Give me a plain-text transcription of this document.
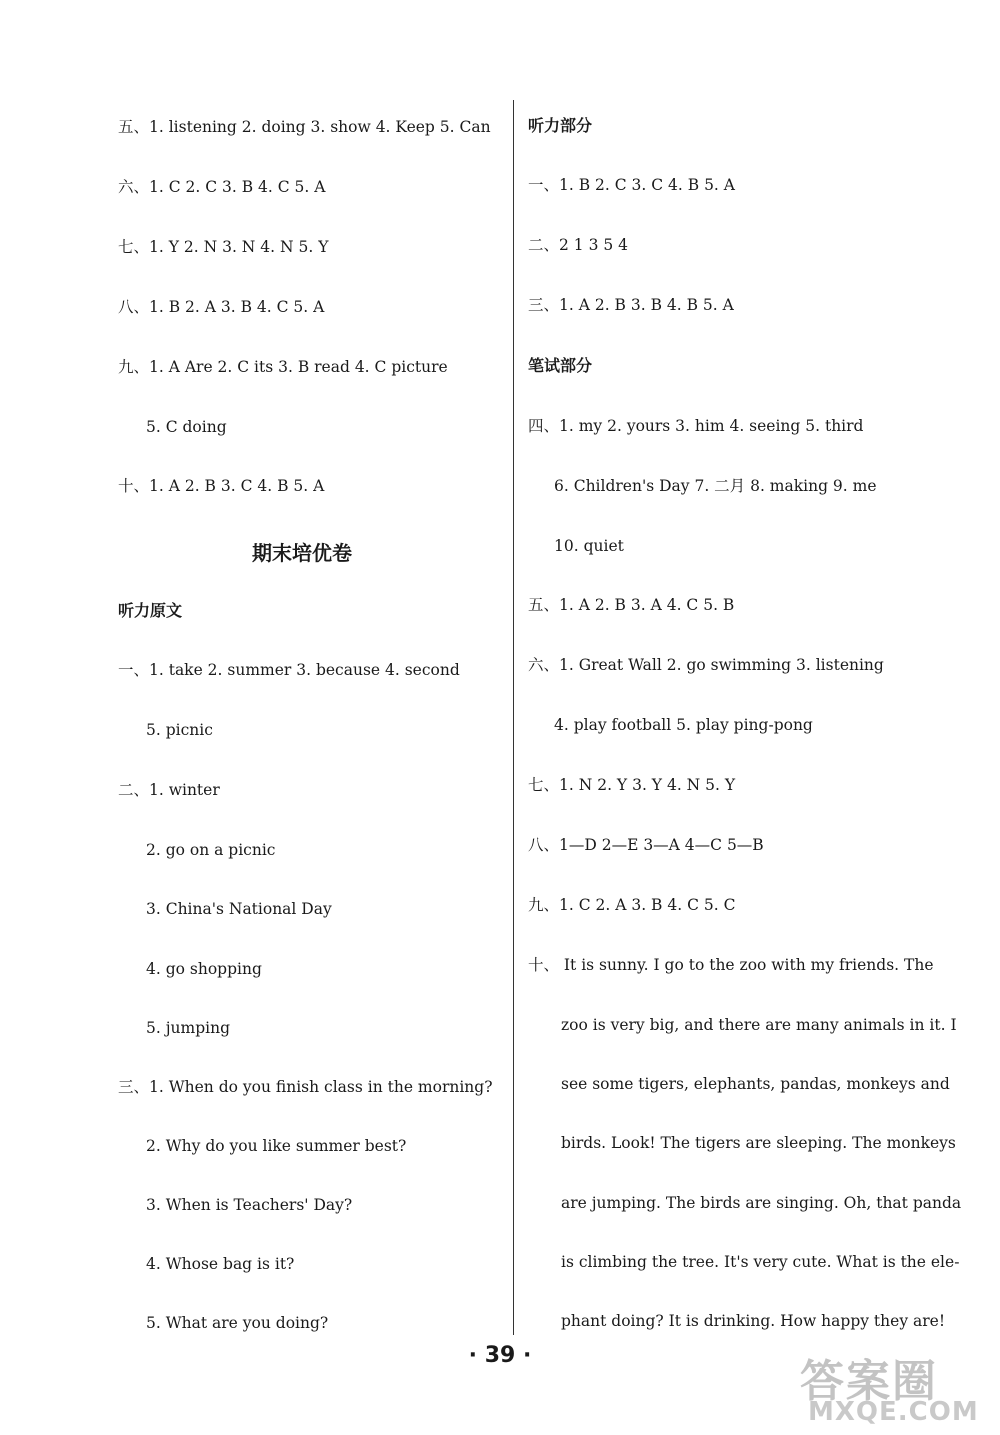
五、1. listening 2. doing 3. show 4. Keep 5. Can
六、1. C 2. C 3. B 4. C 5. A
七、1. Y 2. N 3. N 4. N 5. Y
八、1. B 2. A 3. B 4. C 5. A
九、1. A Are 2. C its 3. B read 4. C picture
5. C doing
十、1. A 2. B 3. C 4. B 5. A
期末培优卷
听力原文
一、1. take 2. summer 3. because 4. second
5. picnic
二、1. winter
2. go on a picnic
3. China's National Day
4. go shopping
5. jumping
三、1. When do you finish class in the morning?
2. Why do you like summer best?
3. When is Teachers' Day?
4. Whose bag is it?
5. What are you doing?
听力部分
一、1. B 2. C 3. C 4. B 5. A
二、2 1 3 5 4
三、1. A 2. B 3. B 4. B 5. A
笔试部分
四、1. my 2. yours 3. him 4. seeing 5. third
6. Children's Day 7. 二月 8. making 9. me
10. quiet
五、1. A 2. B 3. A 4. C 5. B
六、1. Great Wall 2. go swimming 3. listening
4. play football 5. play ping-pong
七、1. N 2. Y 3. Y 4. N 5. Y
八、1—D 2—E 3—A 4—C 5—B
九、1. C 2. A 3. B 4. C 5. C
十、 It is sunny. I go to the zoo with my friends. The
zoo is very big, and there are many animals in it. I
see some tigers, elephants, pandas, monkeys and
birds. Look! The tigers are sleeping. The monkeys
are jumping. The birds are singing. Oh, that panda
is climbing the tree. It's very cute. What is the ele-
phant doing? It is drinking. How happy they are!
· 39 ·
答案圈
MXQE.COM
